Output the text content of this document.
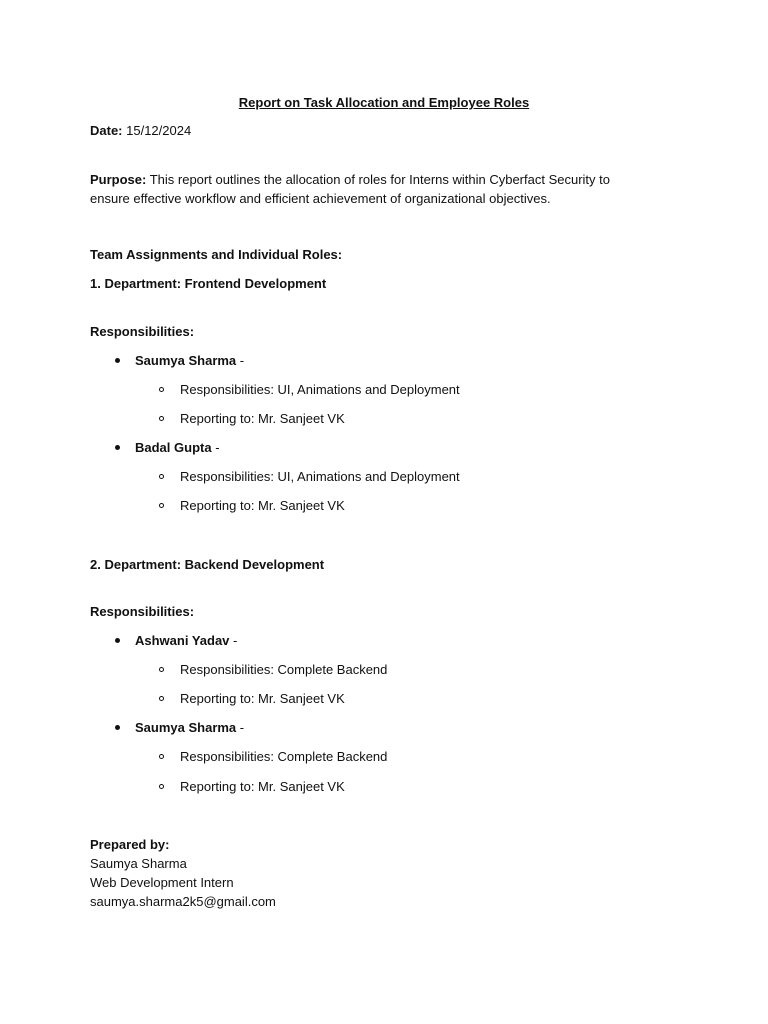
Report on Task Allocation and Employee Roles
Date: 15/12/2024
Purpose: This report outlines the allocation of roles for Interns within Cyberfact Security to ensure effective workflow and efficient achievement of organizational objectives.
Team Assignments and Individual Roles:
1. Department: Frontend Development
Responsibilities:
Saumya Sharma -
Responsibilities: UI, Animations and Deployment
Reporting to: Mr. Sanjeet VK
Badal Gupta -
Responsibilities: UI, Animations and Deployment
Reporting to: Mr. Sanjeet VK
2. Department: Backend Development
Responsibilities:
Ashwani Yadav -
Responsibilities: Complete Backend
Reporting to: Mr. Sanjeet VK
Saumya Sharma -
Responsibilities: Complete Backend
Reporting to: Mr. Sanjeet VK
Prepared by:
Saumya Sharma
Web Development Intern
saumya.sharma2k5@gmail.com
